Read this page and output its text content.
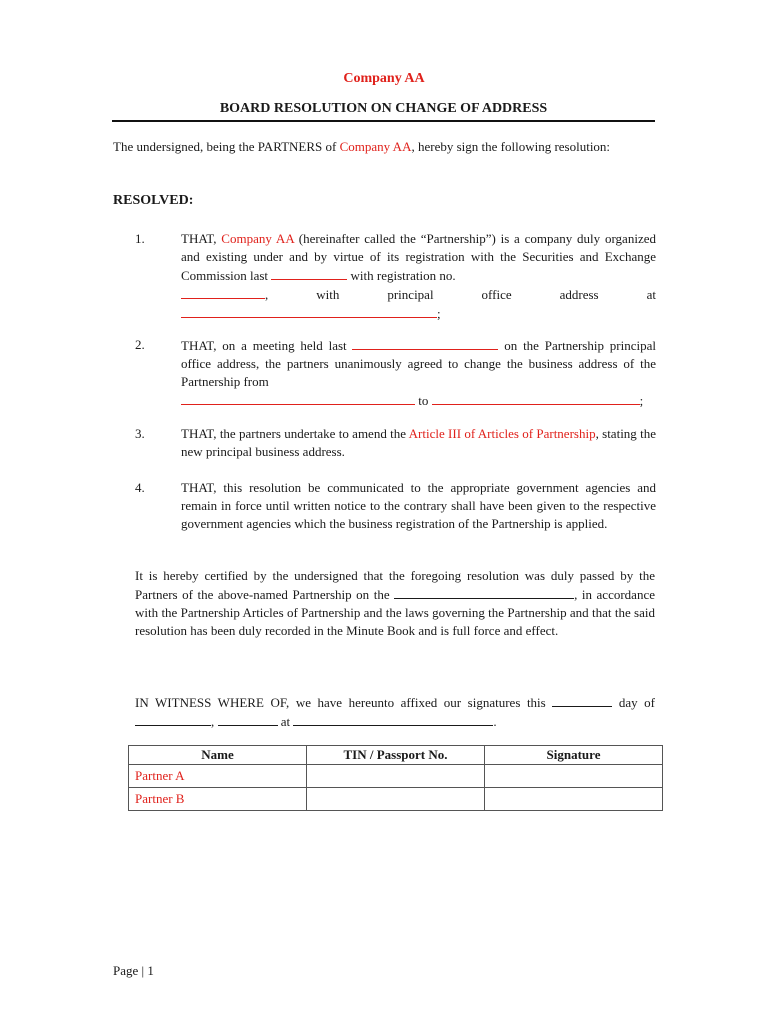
Company AA
BOARD RESOLUTION ON CHANGE OF ADDRESS
The undersigned, being the PARTNERS of Company AA, hereby sign the following resolution:
RESOLVED:
1.	THAT, Company AA (hereinafter called the “Partnership”) is a company duly organized and existing under and by virtue of its registration with the Securities and Exchange Commission last	with registration no.
, with principal office address at
;
2.	THAT, on a meeting held last	on the Partnership principal office address, the partners unanimously agreed to change the business address of the Partnership from
to	;
3.	THAT, the partners undertake to amend the Article III of Articles of Partnership, stating the new principal business address.
4.	THAT, this resolution be communicated to the appropriate government agencies and remain in force until written notice to the contrary shall have been given to the respective government agencies which the business registration of the Partnership is applied.
It is hereby certified by the undersigned that the foregoing resolution was duly passed by the Partners of the above-named Partnership on the	, in accordance with the Partnership Articles of Partnership and the laws governing the Partnership and that the said resolution has been duly recorded in the Minute Book and is full force and effect.
IN WITNESS WHERE OF, we have hereunto affixed our signatures this	day of ,	at	.
Name	TIN / Passport No.	Signature
Partner A		
Partner B		
Page | 1
